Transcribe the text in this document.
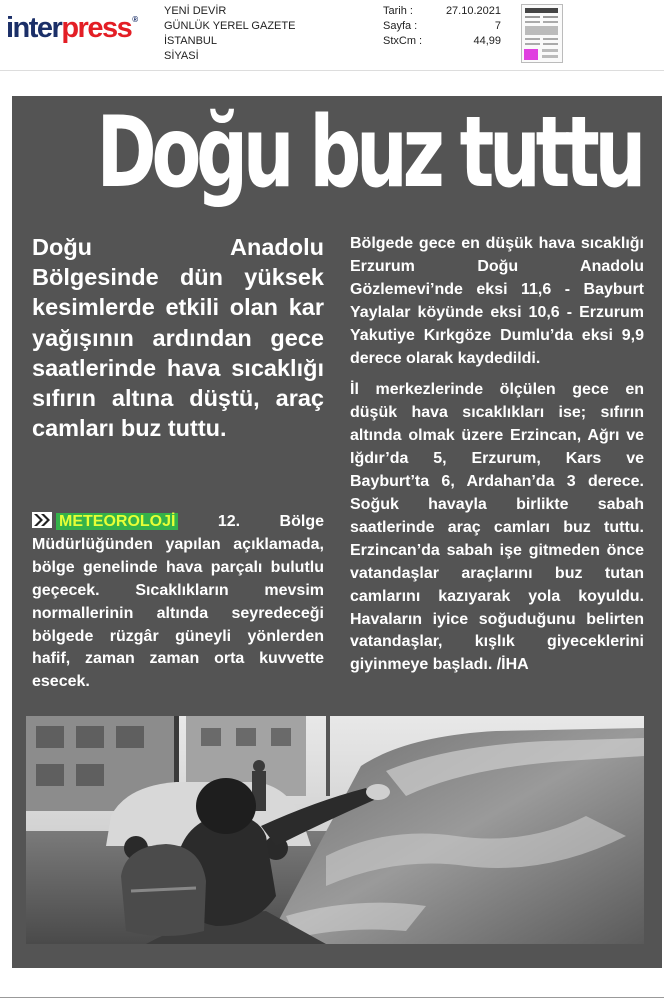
interpress®
YENİ DEVİR
GÜNLÜK YEREL GAZETE
İSTANBUL
SİYASİ
Tarih :	27.10.2021
Sayfa :	7
StxCm :	44,99
Doğu buz tuttu
Doğu Anadolu Bölgesinde dün yüksek kesimlerde etkili olan kar yağışının ardından gece saatlerinde hava sıcaklığı sıfırın altına düştü, araç camları buz tuttu.
METEOROLOJİ 12. Bölge Müdürlüğünden yapılan açıklamada, bölge genelinde hava parçalı bulutlu geçecek. Sıcaklıkların mevsim normallerinin altında seyredeceği bölgede rüzgâr güneyli yönlerden hafif, zaman zaman orta kuvvette esecek.

Bölgede gece en düşük hava sıcaklığı Erzurum Doğu Anadolu Gözlemevi’nde eksi 11,6 - Bayburt Yaylalar köyünde eksi 10,6 - Erzurum Yakutiye Kırkgöze Dumlu’da eksi 9,9 derece olarak kaydedildi.

İl merkezlerinde ölçülen gece en düşük hava sıcaklıkları ise; sıfırın altında olmak üzere Erzincan, Ağrı ve Iğdır’da 5, Erzurum, Kars ve Bayburt’ta 6, Ardahan’da 3 derece. Soğuk havayla birlikte sabah saatlerinde araç camları buz tuttu. Erzincan’da sabah işe gitmeden önce vatandaşlar araçlarını buz tutan camlarını kazıyarak yola koyuldu. Havaların iyice soğuduğunu belirten vatandaşlar, kışlık giyeceklerini giyinmeye başladı. /İHA
